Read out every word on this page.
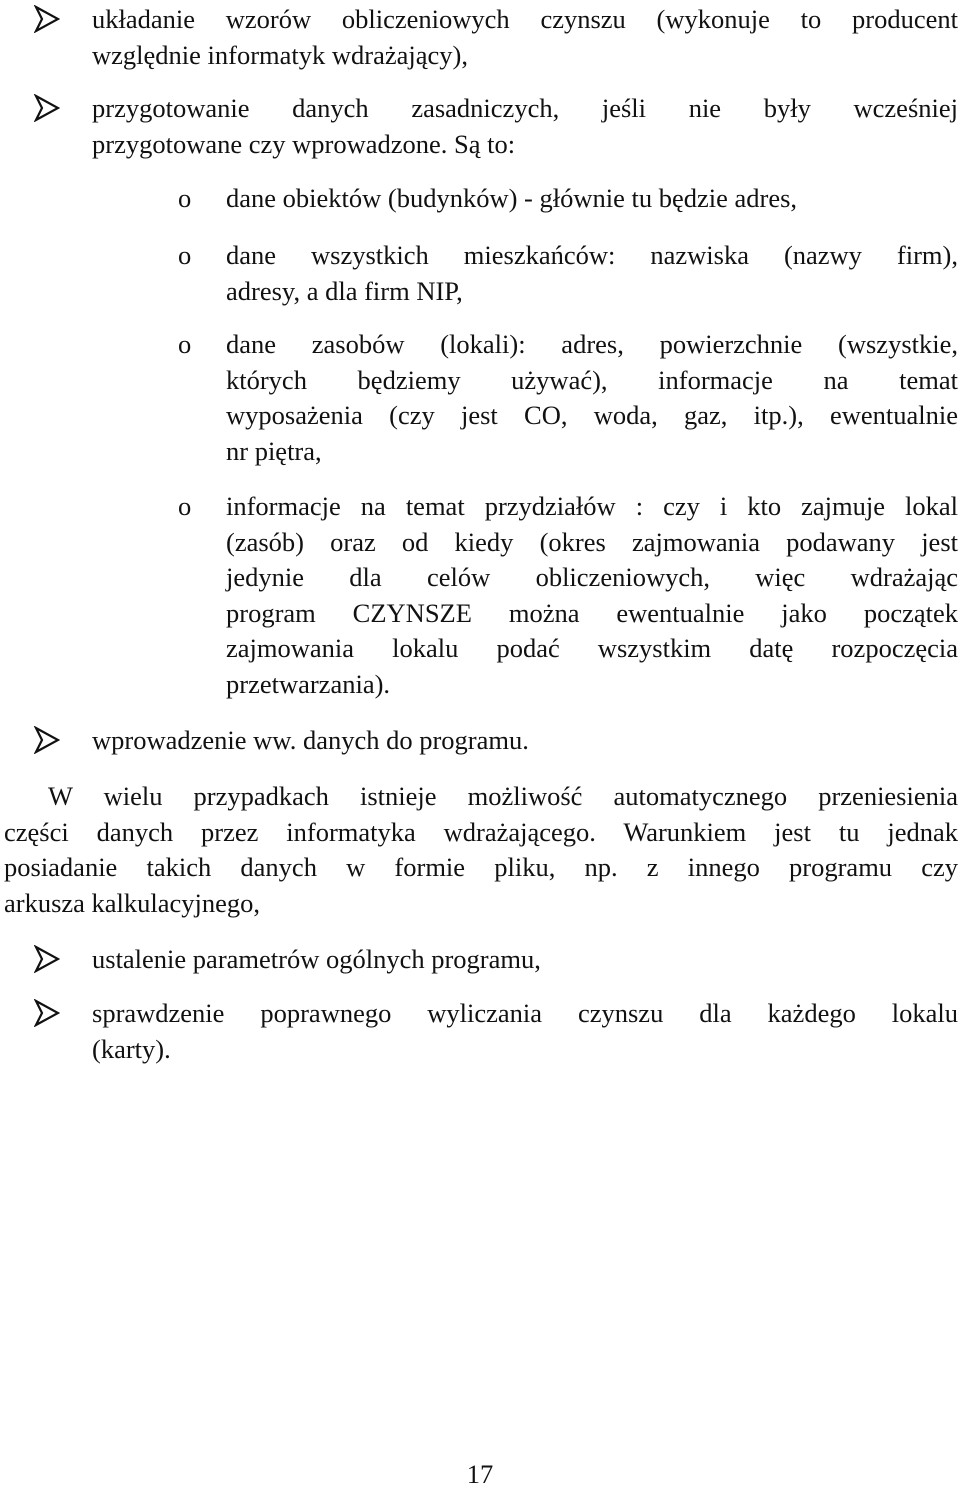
układanie wzorów obliczeniowych czynszu (wykonuje to producent
względnie informatyk wdrażający),
przygotowanie danych zasadniczych, jeśli nie były wcześniej
przygotowane czy wprowadzone. Są to:
o dane obiektów (budynków) - głównie tu będzie adres,
o dane wszystkich mieszkańców: nazwiska (nazwy firm),
adresy, a dla firm NIP,
o dane zasobów (lokali): adres, powierzchnie (wszystkie,
których będziemy używać), informacje na temat
wyposażenia (czy jest CO, woda, gaz, itp.), ewentualnie
nr piętra,
o informacje na temat przydziałów : czy i kto zajmuje lokal
(zasób) oraz od kiedy (okres zajmowania podawany jest
jedynie dla celów obliczeniowych, więc wdrażając
program CZYNSZE można ewentualnie jako początek
zajmowania lokalu podać wszystkim datę rozpoczęcia
przetwarzania).
wprowadzenie ww. danych do programu.
W wielu przypadkach istnieje możliwość automatycznego przeniesienia
części danych przez informatyka wdrażającego. Warunkiem jest tu jednak
posiadanie takich danych w formie pliku, np. z innego programu czy
arkusza kalkulacyjnego,
ustalenie parametrów ogólnych programu,
sprawdzenie poprawnego wyliczania czynszu dla każdego lokalu
(karty).
17
